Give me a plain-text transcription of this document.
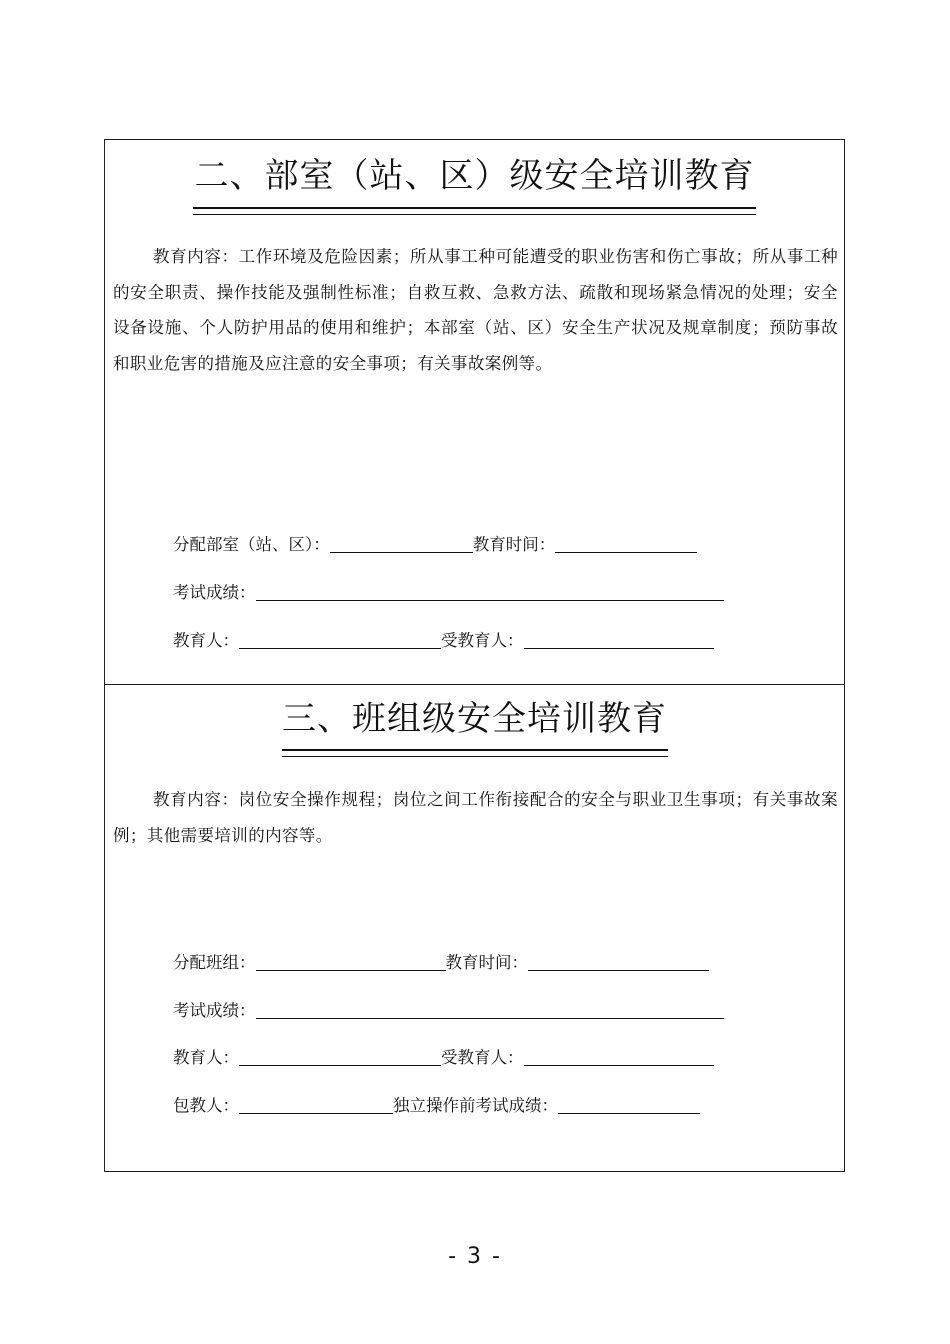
二、部室（站、区）级安全培训教育
教育内容：工作环境及危险因素；所从事工种可能遭受的职业伤害和伤亡事故；所从事工种的安全职责、操作技能及强制性标准；自救互救、急救方法、疏散和现场紧急情况的处理；安全设备设施、个人防护用品的使用和维护；本部室（站、区）安全生产状况及规章制度；预防事故和职业危害的措施及应注意的安全事项；有关事故案例等。
分配部室（站、区）：	教育时间：
考试成绩：
教育人：	受教育人：
三、班组级安全培训教育
教育内容：岗位安全操作规程；岗位之间工作衔接配合的安全与职业卫生事项；有关事故案例；其他需要培训的内容等。
分配班组：	教育时间：
考试成绩：
教育人：	受教育人：
包教人：	独立操作前考试成绩：
- 3 -
